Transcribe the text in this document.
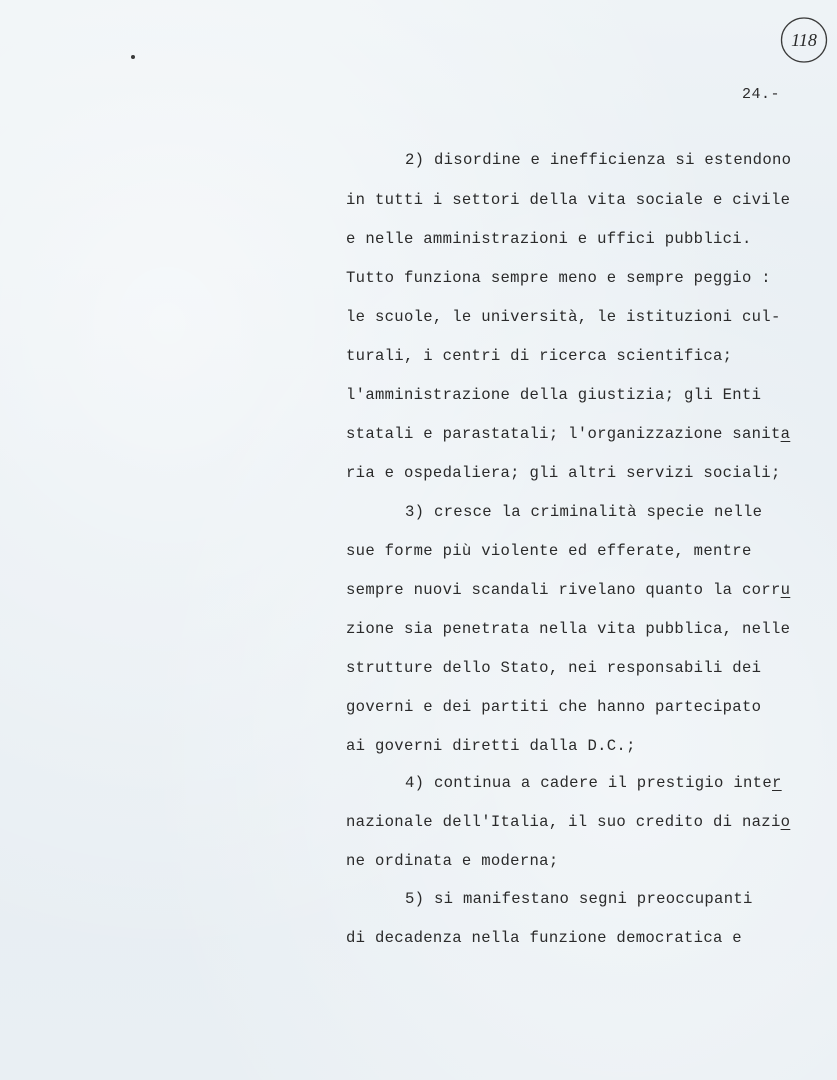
118
24.-
2) disordine e inefficienza si estendono
in tutti i settori della vita sociale e civile
e nelle amministrazioni e uffici pubblici.
Tutto funziona sempre meno e sempre peggio :
le scuole, le università, le istituzioni cul-
turali, i centri di ricerca scientifica;
l'amministrazione della giustizia; gli Enti
statali e parastatali; l'organizzazione sanita
ria e ospedaliera; gli altri servizi sociali;
3) cresce la criminalità specie nelle
sue forme più violente ed efferate, mentre
sempre nuovi scandali rivelano quanto la corru
zione sia penetrata nella vita pubblica, nelle
strutture dello Stato, nei responsabili dei
governi e dei partiti che hanno partecipato
ai governi diretti dalla D.C.;
4) continua a cadere il prestigio inter
nazionale dell'Italia, il suo credito di nazio
ne ordinata e moderna;
5) si manifestano segni preoccupanti
di decadenza nella funzione democratica e
